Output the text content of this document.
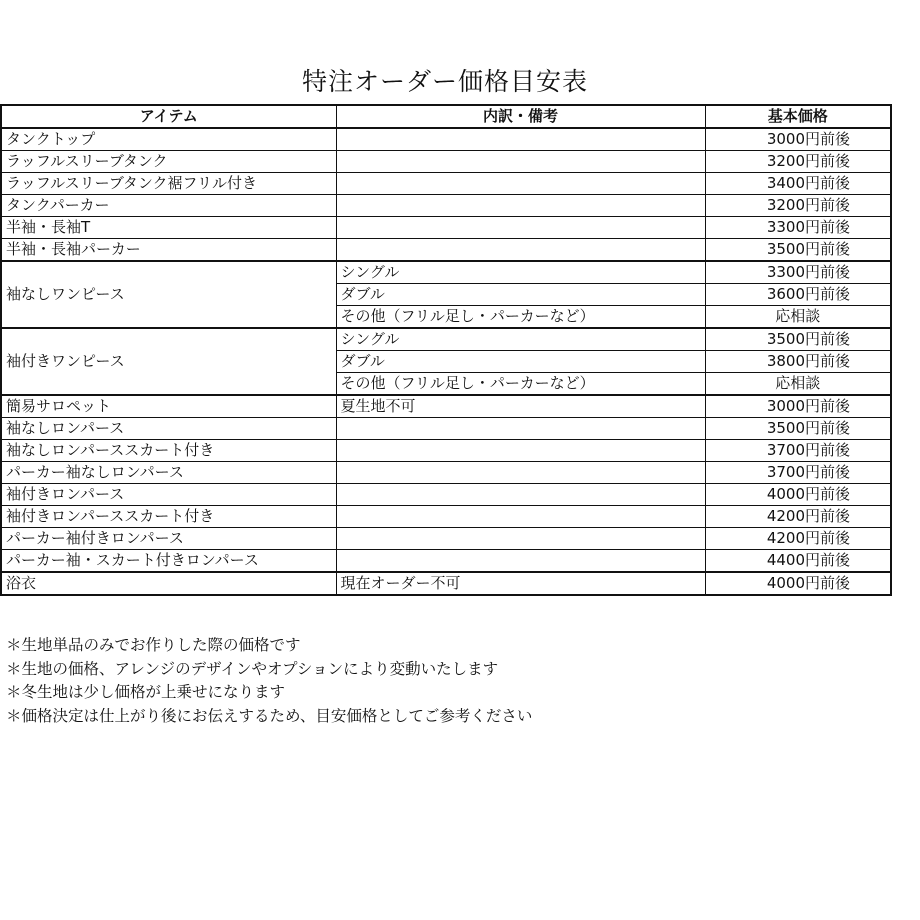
特注オーダー価格目安表
アイテム	内訳・備考	基本価格
タンクトップ		3000円前後
ラッフルスリーブタンク		3200円前後
ラッフルスリーブタンク裾フリル付き		3400円前後
タンクパーカー		3200円前後
半袖・長袖T		3300円前後
半袖・長袖パーカー		3500円前後
袖なしワンピース	シングル	3300円前後
	ダブル	3600円前後
	その他（フリル足し・パーカーなど）	応相談
袖付きワンピース	シングル	3500円前後
	ダブル	3800円前後
	その他（フリル足し・パーカーなど）	応相談
簡易サロペット	夏生地不可	3000円前後
袖なしロンパース		3500円前後
袖なしロンパーススカート付き		3700円前後
パーカー袖なしロンパース		3700円前後
袖付きロンパース		4000円前後
袖付きロンパーススカート付き		4200円前後
パーカー袖付きロンパース		4200円前後
パーカー袖・スカート付きロンパース		4400円前後
浴衣	現在オーダー不可	4000円前後
＊生地単品のみでお作りした際の価格です
＊生地の価格、アレンジのデザインやオプションにより変動いたします
＊冬生地は少し価格が上乗せになります
＊価格決定は仕上がり後にお伝えするため、目安価格としてご参考ください
